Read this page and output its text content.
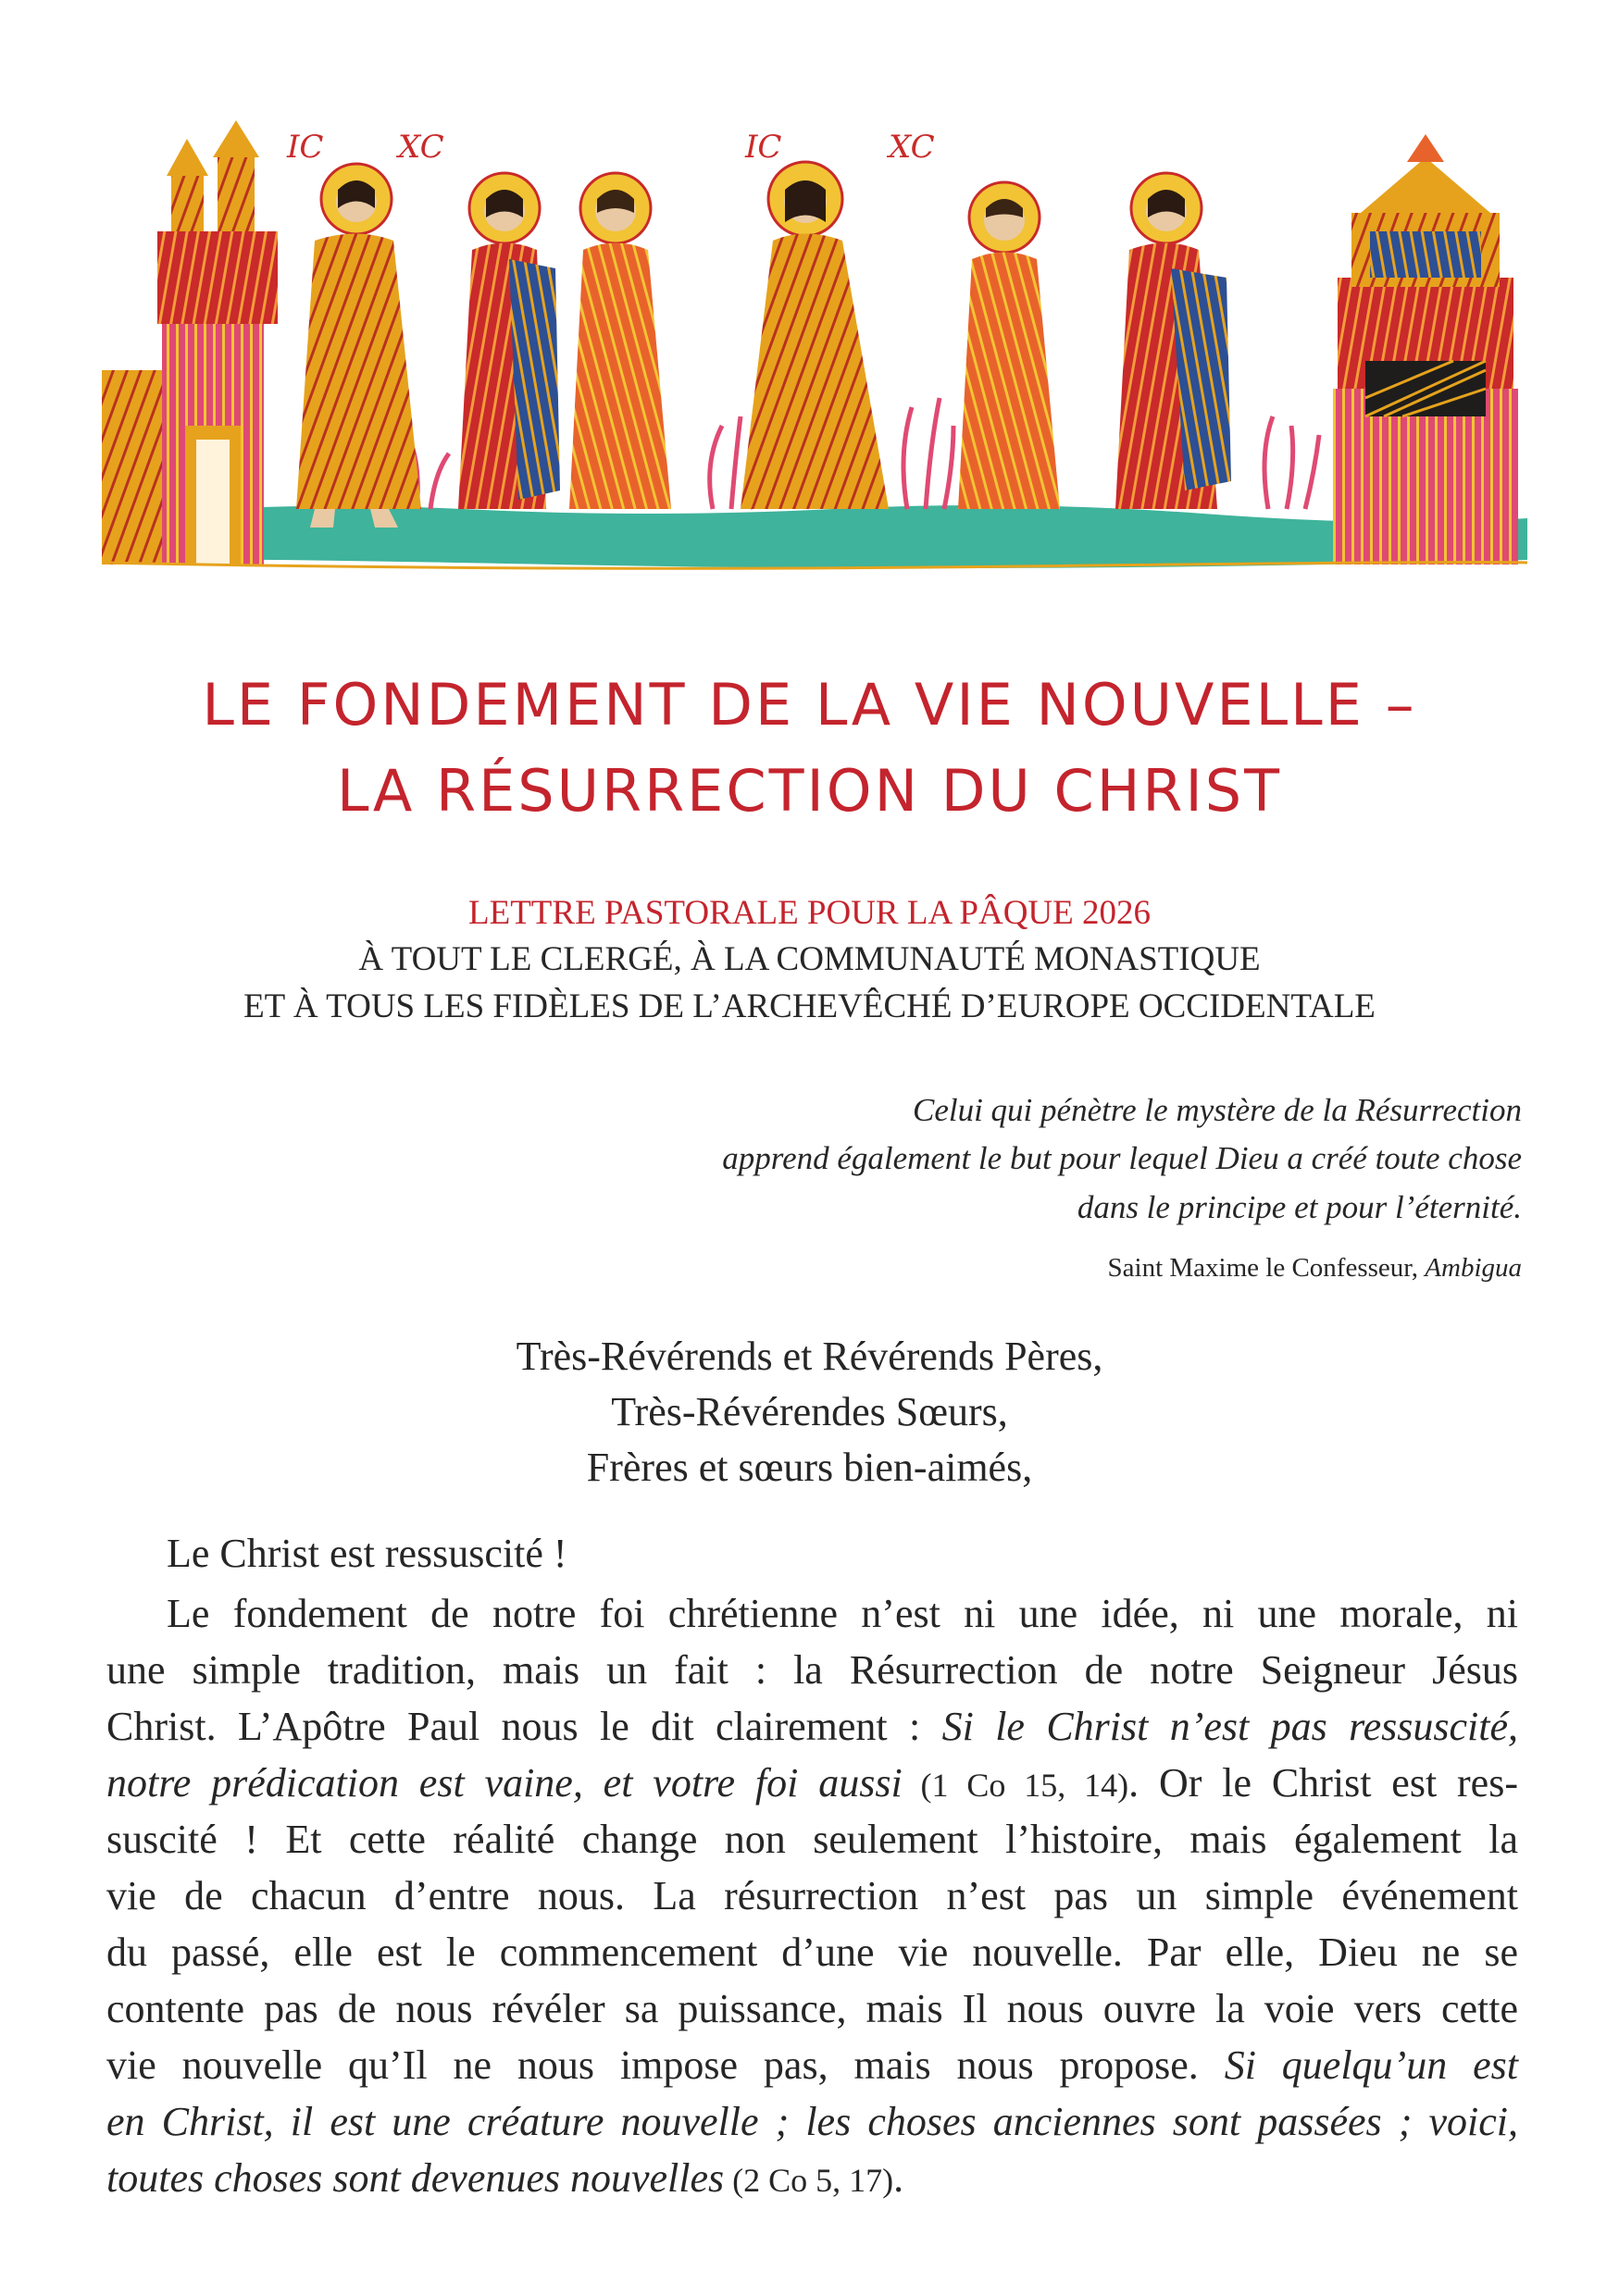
IC XC	IC	XC
LE FONDEMENT DE LA VIE NOUVELLE –
LA RÉSURRECTION DU CHRIST
LETTRE PASTORALE POUR LA PÂQUE 2026
À TOUT LE CLERGÉ, À LA COMMUNAUTÉ MONASTIQUE
ET À TOUS LES FIDÈLES DE L’ARCHEVÊCHÉ D’EUROPE OCCIDENTALE
Celui qui pénètre le mystère de la Résurrection
apprend également le but pour lequel Dieu a créé toute chose
dans le principe et pour l’éternité.
Saint Maxime le Confesseur, Ambigua
Très-Révérends et Révérends Pères,
Très-Révérendes Sœurs,
Frères et sœurs bien-aimés,
Le Christ est ressuscité !
Le fondement de notre foi chrétienne n’est ni une idée, ni une morale, ni
une simple tradition, mais un fait : la Résurrection de notre Seigneur Jésus
Christ. L’Apôtre Paul nous le dit clairement : Si le Christ n’est pas ressuscité,
notre prédication est vaine, et votre foi aussi (1 Co 15, 14). Or le Christ est res-
suscité ! Et cette réalité change non seulement l’histoire, mais également la
vie de chacun d’entre nous. La résurrection n’est pas un simple événement
du passé, elle est le commencement d’une vie nouvelle. Par elle, Dieu ne se
contente pas de nous révéler sa puissance, mais Il nous ouvre la voie vers cette
vie nouvelle qu’Il ne nous impose pas, mais nous propose. Si quelqu’un est
en Christ, il est une créature nouvelle ; les choses anciennes sont passées ; voici,
toutes choses sont devenues nouvelles (2 Co 5, 17).
